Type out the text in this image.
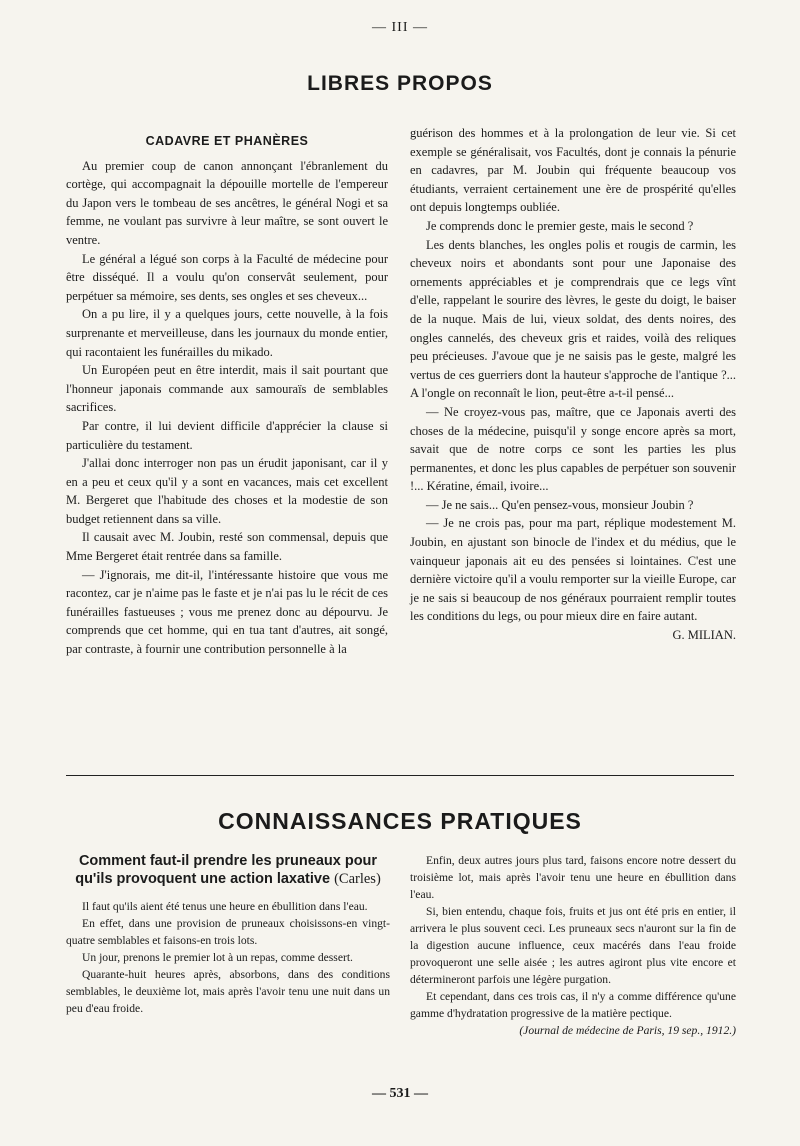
— III —
LIBRES PROPOS

CADAVRE ET PHANÈRES

Au premier coup de canon annonçant l'ébranlement du cortège, qui accompagnait la dépouille mortelle de l'empereur du Japon vers le tombeau de ses ancêtres, le général Nogi et sa femme, ne voulant pas survivre à leur maître, se sont ouvert le ventre.

Le général a légué son corps à la Faculté de médecine pour être disséqué. Il a voulu qu'on conservât seulement, pour perpétuer sa mémoire, ses dents, ses ongles et ses cheveux...

On a pu lire, il y a quelques jours, cette nouvelle, à la fois surprenante et merveilleuse, dans les journaux du monde entier, qui racontaient les funérailles du mikado.

Un Européen peut en être interdit, mais il sait pourtant que l'honneur japonais commande aux samouraïs de semblables sacrifices.

Par contre, il lui devient difficile d'apprécier la clause si particulière du testament.

J'allai donc interroger non pas un érudit japonisant, car il y en a peu et ceux qu'il y a sont en vacances, mais cet excellent M. Bergeret que l'habitude des choses et la modestie de son budget retiennent dans sa ville.

Il causait avec M. Joubin, resté son commensal, depuis que Mme Bergeret était rentrée dans sa famille.

— J'ignorais, me dit-il, l'intéressante histoire que vous me racontez, car je n'aime pas le faste et je n'ai pas lu le récit de ces funérailles fastueuses ; vous me prenez donc au dépourvu. Je comprends que cet homme, qui en tua tant d'autres, ait songé, par contraste, à fournir une contribution personnelle à la

guérison des hommes et à la prolongation de leur vie. Si cet exemple se généralisait, vos Facultés, dont je connais la pénurie en cadavres, par M. Joubin qui fréquente beaucoup vos étudiants, verraient certainement une ère de prospérité qu'elles ont depuis longtemps oubliée.

Je comprends donc le premier geste, mais le second ?

Les dents blanches, les ongles polis et rougis de carmin, les cheveux noirs et abondants sont pour une Japonaise des ornements appréciables et je comprendrais que ce legs vînt d'elle, rappelant le sourire des lèvres, le geste du doigt, le baiser de la nuque. Mais de lui, vieux soldat, des dents noires, des ongles cannelés, des cheveux gris et raides, voilà des reliques peu précieuses. J'avoue que je ne saisis pas le geste, malgré les vertus de ces guerriers dont la hauteur s'approche de l'antique ?... A l'ongle on reconnaît le lion, peut-être a-t-il pensé...

— Ne croyez-vous pas, maître, que ce Japonais averti des choses de la médecine, puisqu'il y songe encore après sa mort, savait que de notre corps ce sont les parties les plus permanentes, et donc les plus capables de perpétuer son souvenir !... Kératine, émail, ivoire...

— Je ne sais... Qu'en pensez-vous, monsieur Joubin ?

— Je ne crois pas, pour ma part, réplique modestement M. Joubin, en ajustant son binocle de l'index et du médius, que le vainqueur japonais ait eu des pensées si lointaines. C'est une dernière victoire qu'il a voulu remporter sur la vieille Europe, car je ne sais si beaucoup de nos généraux pourraient remplir toutes les conditions du legs, ou pour mieux dire en faire autant.
G. MILIAN.

CONNAISSANCES PRATIQUES

Comment faut-il prendre les pruneaux pour qu'ils provoquent une action laxative (Carles)

Il faut qu'ils aient été tenus une heure en ébullition dans l'eau.

En effet, dans une provision de pruneaux choisissons-en vingt-quatre semblables et faisons-en trois lots.

Un jour, prenons le premier lot à un repas, comme dessert.

Quarante-huit heures après, absorbons, dans des conditions semblables, le deuxième lot, mais après l'avoir tenu une nuit dans un peu d'eau froide.

Enfin, deux autres jours plus tard, faisons encore notre dessert du troisième lot, mais après l'avoir tenu une heure en ébullition dans l'eau.

Si, bien entendu, chaque fois, fruits et jus ont été pris en entier, il arrivera le plus souvent ceci. Les pruneaux secs n'auront sur la fin de la digestion aucune influence, ceux macérés dans l'eau froide provoqueront une selle aisée ; les autres agiront plus vite encore et détermineront parfois une légère purgation.

Et cependant, dans ces trois cas, il n'y a comme différence qu'une gamme d'hydratation progressive de la matière pectique.

(Journal de médecine de Paris, 19 sep., 1912.)

— 531 —
